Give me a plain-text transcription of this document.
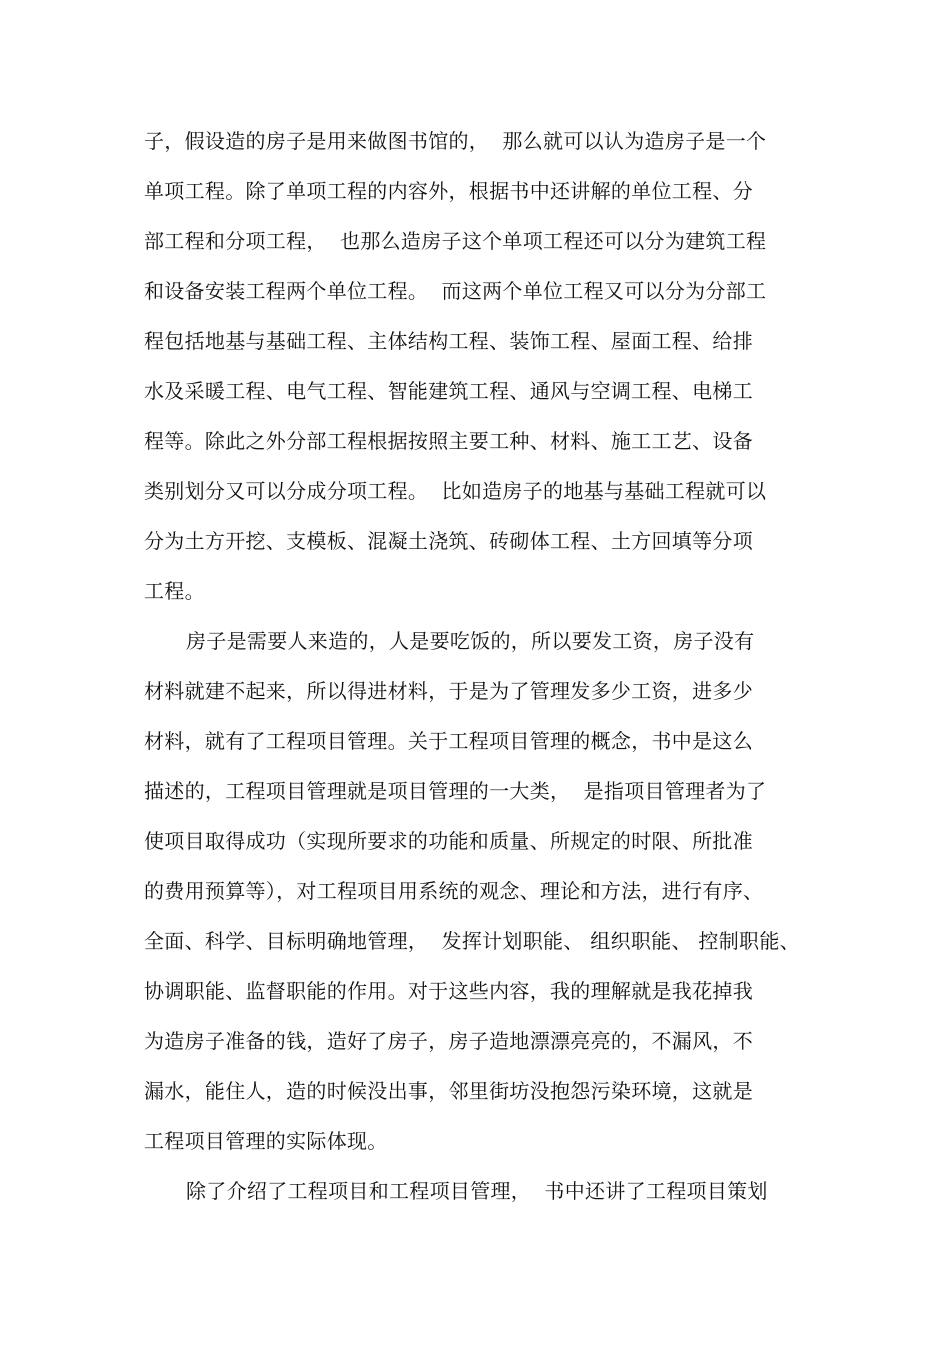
子，假设造的房子是用来做图书馆的，  那么就可以认为造房子是一个
单项工程。除了单项工程的内容外，根据书中还讲解的单位工程、分
部工程和分项工程，  也那么造房子这个单项工程还可以分为建筑工程
和设备安装工程两个单位工程。  而这两个单位工程又可以分为分部工
程包括地基与基础工程、主体结构工程、装饰工程、屋面工程、给排
水及采暖工程、电气工程、智能建筑工程、通风与空调工程、电梯工
程等。除此之外分部工程根据按照主要工种、材料、施工工艺、设备
类别划分又可以分成分项工程。  比如造房子的地基与基础工程就可以
分为土方开挖、支模板、混凝土浇筑、砖砌体工程、土方回填等分项
工程。
房子是需要人来造的，人是要吃饭的，所以要发工资，房子没有
材料就建不起来，所以得进材料，于是为了管理发多少工资，进多少
材料，就有了工程项目管理。关于工程项目管理的概念，书中是这么
描述的，工程项目管理就是项目管理的一大类，  是指项目管理者为了
使项目取得成功（实现所要求的功能和质量、所规定的时限、所批准
的费用预算等），对工程项目用系统的观念、理论和方法，进行有序、
全面、科学、目标明确地管理，  发挥计划职能、 组织职能、 控制职能、
协调职能、监督职能的作用。对于这些内容，我的理解就是我花掉我
为造房子准备的钱，造好了房子，房子造地漂漂亮亮的，不漏风，不
漏水，能住人，造的时候没出事，邻里街坊没抱怨污染环境，这就是
工程项目管理的实际体现。
除了介绍了工程项目和工程项目管理，  书中还讲了工程项目策划
